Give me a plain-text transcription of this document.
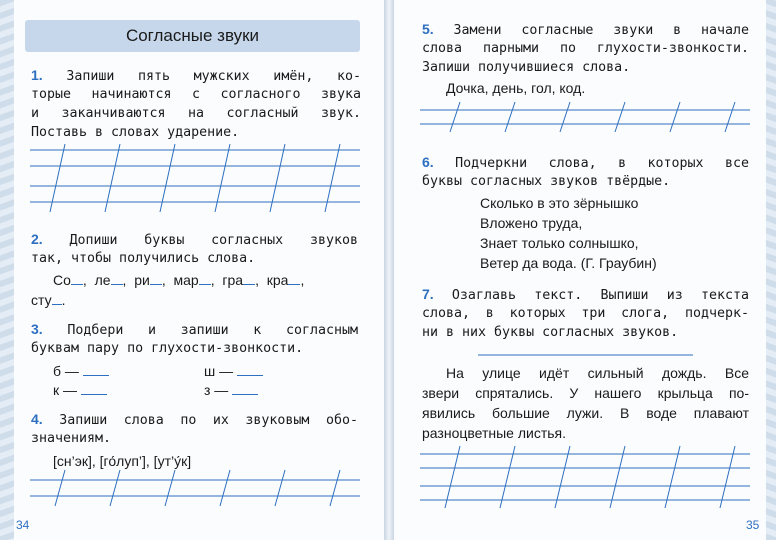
Согласные звуки
1. Запиши пять мужских имён, ко-
торые начинаются с согласного звука
и заканчиваются на согласный звук.
Поставь в словах ударение.
2. Допиши буквы согласных звуков
так, чтобы получились слова.
Со ,  ле ,  ри ,  мар ,  гра ,  кра ,
сту .
3. Подбери и запиши к согласным
буквам пару по глухости-звонкости.
б —	ш —
к —	з —
4. Запиши слова по их звуковым обо-
значениям.
[сн’эк], [го́луп’], [ут’у́к]
34
5. Замени согласные звуки в начале
слова парными по глухости-звонкости.
Запиши получившиеся слова.
Дочка, день, гол, код.
6. Подчеркни слова, в которых все
буквы согласных звуков твёрдые.
Сколько в это зёрнышко
Вложено труда,
Знает только солнышко,
Ветер да вода. (Г. Граубин)
7. Озаглавь текст. Выпиши из текста
слова, в которых три слога, подчерк-
ни в них буквы согласных звуков.
На улице идёт сильный дождь. Все
звери спрятались. У нашего крыльца по-
явились большие лужи. В воде плавают
разноцветные листья.
35
